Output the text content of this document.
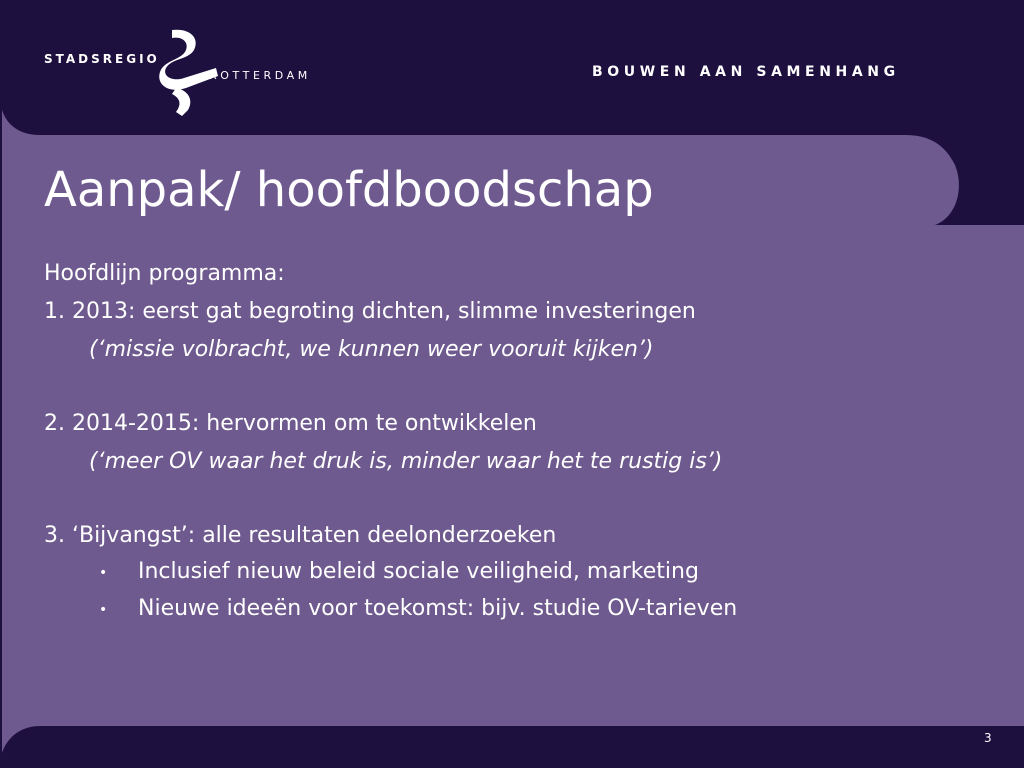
STADSREGIO
ROTTERDAM	BOUWEN AAN SAMENHANG
Aanpak/ hoofdboodschap
Hoofdlijn programma:
1. 2013: eerst gat begroting dichten, slimme investeringen
(‘missie volbracht, we kunnen weer vooruit kijken’)
2. 2014-2015: hervormen om te ontwikkelen
(‘meer OV waar het druk is, minder waar het te rustig is’)
3. ‘Bijvangst’: alle resultaten deelonderzoeken
• Inclusief nieuw beleid sociale veiligheid, marketing
• Nieuwe ideeën voor toekomst: bijv. studie OV-tarieven
3
